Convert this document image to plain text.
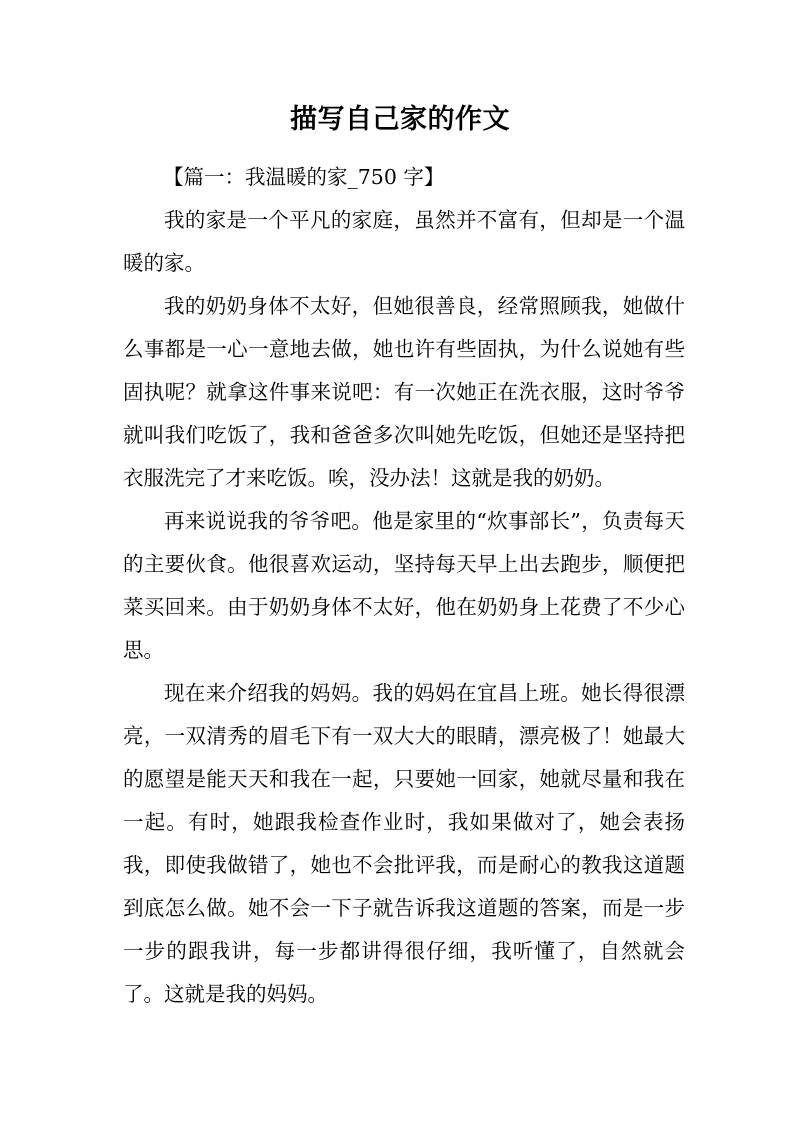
描写自己家的作文

【篇一：我温暖的家_750 字】

我的家是一个平凡的家庭，虽然并不富有，但却是一个温暖的家。

我的奶奶身体不太好，但她很善良，经常照顾我，她做什么事都是一心一意地去做，她也许有些固执，为什么说她有些固执呢？就拿这件事来说吧：有一次她正在洗衣服，这时爷爷就叫我们吃饭了，我和爸爸多次叫她先吃饭，但她还是坚持把衣服洗完了才来吃饭。唉，没办法！这就是我的奶奶。

再来说说我的爷爷吧。他是家里的“炊事部长”，负责每天的主要伙食。他很喜欢运动，坚持每天早上出去跑步，顺便把菜买回来。由于奶奶身体不太好，他在奶奶身上花费了不少心思。

现在来介绍我的妈妈。我的妈妈在宜昌上班。她长得很漂亮，一双清秀的眉毛下有一双大大的眼睛，漂亮极了！她最大的愿望是能天天和我在一起，只要她一回家，她就尽量和我在一起。有时，她跟我检查作业时，我如果做对了，她会表扬我，即使我做错了，她也不会批评我，而是耐心的教我这道题到底怎么做。她不会一下子就告诉我这道题的答案，而是一步一步的跟我讲，每一步都讲得很仔细，我听懂了，自然就会了。这就是我的妈妈。
